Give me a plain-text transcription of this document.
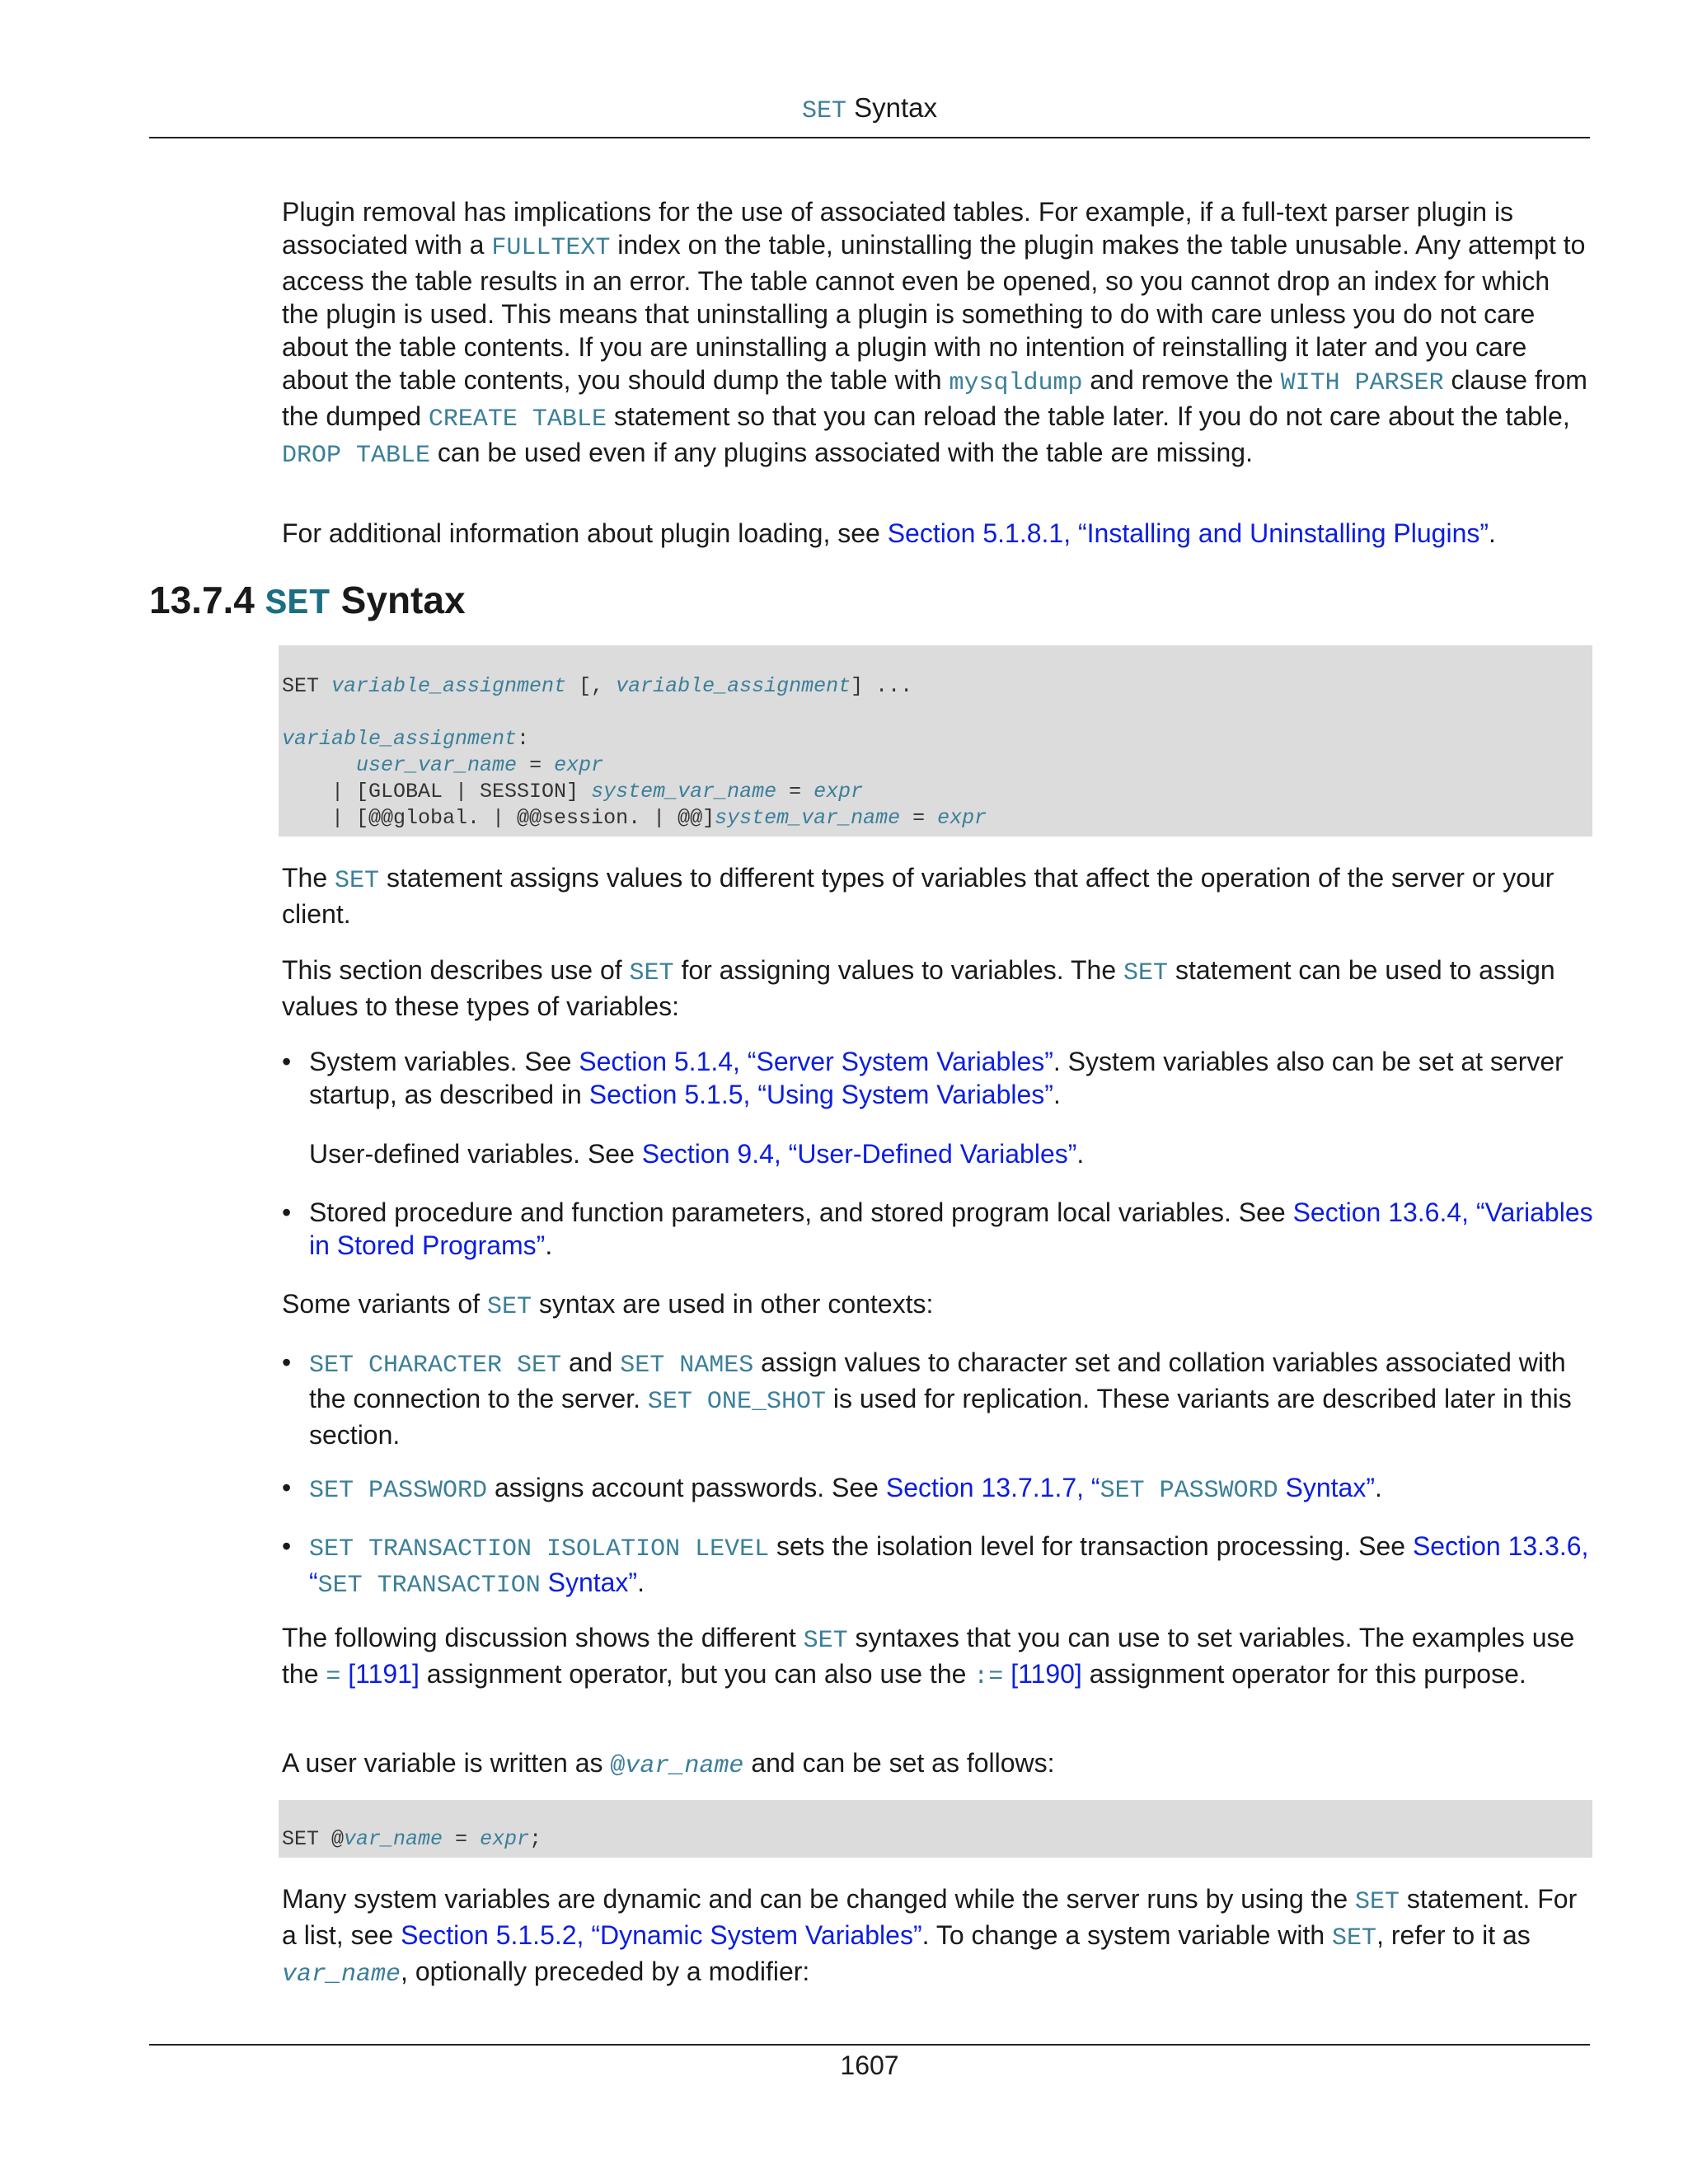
SET Syntax

Plugin removal has implications for the use of associated tables. For example, if a full-text parser plugin is associated with a FULLTEXT index on the table, uninstalling the plugin makes the table unusable. Any attempt to access the table results in an error. The table cannot even be opened, so you cannot drop an index for which the plugin is used. This means that uninstalling a plugin is something to do with care unless you do not care about the table contents. If you are uninstalling a plugin with no intention of reinstalling it later and you care about the table contents, you should dump the table with mysqldump and remove the WITH PARSER clause from the dumped CREATE TABLE statement so that you can reload the table later. If you do not care about the table, DROP TABLE can be used even if any plugins associated with the table are missing.

For additional information about plugin loading, see Section 5.1.8.1, “Installing and Uninstalling Plugins”.

13.7.4 SET Syntax
SET variable_assignment [, variable_assignment] ...

variable_assignment:
user_var_name = expr
| [GLOBAL | SESSION] system_var_name = expr
| [@@global. | @@session. | @@]system_var_name = expr

The SET statement assigns values to different types of variables that affect the operation of the server or your client.

This section describes use of SET for assigning values to variables. The SET statement can be used to assign values to these types of variables:

• System variables. See Section 5.1.4, “Server System Variables”. System variables also can be set at server startup, as described in Section 5.1.5, “Using System Variables”.

User-defined variables. See Section 9.4, “User-Defined Variables”.

• Stored procedure and function parameters, and stored program local variables. See Section 13.6.4, “Variables in Stored Programs”.

Some variants of SET syntax are used in other contexts:

• SET CHARACTER SET and SET NAMES assign values to character set and collation variables associated with the connection to the server. SET ONE_SHOT is used for replication. These variants are described later in this section.

• SET PASSWORD assigns account passwords. See Section 13.7.1.7, “SET PASSWORD Syntax”.

• SET TRANSACTION ISOLATION LEVEL sets the isolation level for transaction processing. See Section 13.3.6, “SET TRANSACTION Syntax”.

The following discussion shows the different SET syntaxes that you can use to set variables. The examples use the = [1191] assignment operator, but you can also use the := [1190] assignment operator for this purpose.

A user variable is written as @var_name and can be set as follows:

SET @var_name = expr;

Many system variables are dynamic and can be changed while the server runs by using the SET statement. For a list, see Section 5.1.5.2, “Dynamic System Variables”. To change a system variable with SET, refer to it as var_name, optionally preceded by a modifier:

1607
